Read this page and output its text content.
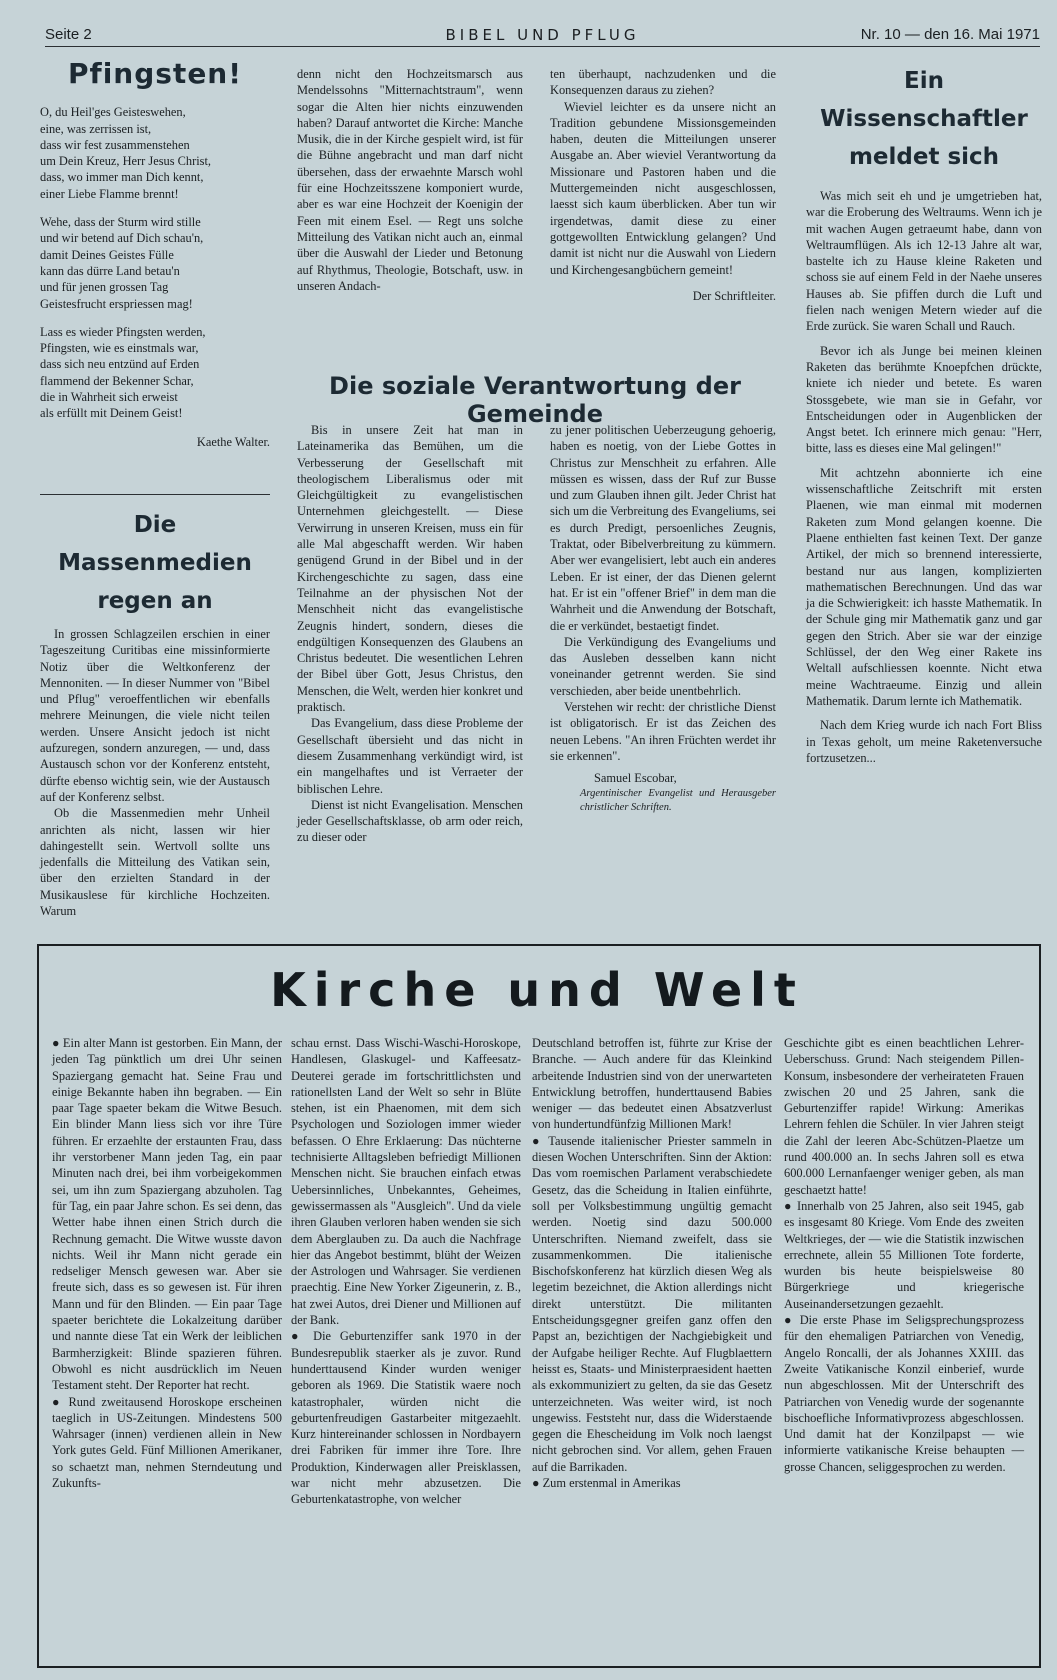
Seite 2	BIBEL UND PFLUG	Nr. 10 — den 16. Mai 1971
Pfingsten!

O, du Heil'ges Geisteswehen,

eine, was zerrissen ist,

dass wir fest zusammenstehen

um Dein Kreuz, Herr Jesus Christ,

dass, wo immer man Dich kennt,

einer Liebe Flamme brennt!

Wehe, dass der Sturm wird stille

und wir betend auf Dich schau'n,

damit Deines Geistes Fülle

kann das dürre Land betau'n

und für jenen grossen Tag

Geistesfrucht erspriessen mag!

Lass es wieder Pfingsten werden,

Pfingsten, wie es einstmals war,

dass sich neu entzünd auf Erden

flammend der Bekenner Schar,

die in Wahrheit sich erweist

als erfüllt mit Deinem Geist!

Kaethe Walter.
Die Massenmedien
regen an

In grossen Schlagzeilen erschien in einer Tageszeitung Curitibas eine missinformierte Notiz über die Weltkonferenz der Mennoniten. — In dieser Nummer von "Bibel und Pflug" veroeffentlichen wir ebenfalls mehrere Meinungen, die viele nicht teilen werden. Unsere Ansicht jedoch ist nicht aufzuregen, sondern anzuregen, — und, dass Austausch schon vor der Konferenz entsteht, dürfte ebenso wichtig sein, wie der Austausch auf der Konferenz selbst.

Ob die Massenmedien mehr Unheil anrichten als nicht, lassen wir hier dahingestellt sein. Wertvoll sollte uns jedenfalls die Mitteilung des Vatikan sein, über den erzielten Standard in der Musikauslese für kirchliche Hochzeiten. Warum

denn nicht den Hochzeitsmarsch aus Mendelssohns "Mitternachtstraum", wenn sogar die Alten hier nichts einzuwenden haben? Darauf antwortet die Kirche: Manche Musik, die in der Kirche gespielt wird, ist für die Bühne angebracht und man darf nicht übersehen, dass der erwaehnte Marsch wohl für eine Hochzeitsszene komponiert wurde, aber es war eine Hochzeit der Koenigin der Feen mit einem Esel. — Regt uns solche Mitteilung des Vatikan nicht auch an, einmal über die Auswahl der Lieder und Betonung auf Rhythmus, Theologie, Botschaft, usw. in unseren Andach-

ten überhaupt, nachzudenken und die Konsequenzen daraus zu ziehen?

Wieviel leichter es da unsere nicht an Tradition gebundene Missionsgemeinden haben, deuten die Mitteilungen unserer Ausgabe an. Aber wieviel Verantwortung da Missionare und Pastoren haben und die Muttergemeinden nicht ausgeschlossen, laesst sich kaum überblicken. Aber tun wir irgendetwas, damit diese zu einer gottgewollten Entwicklung gelangen? Und damit ist nicht nur die Auswahl von Liedern und Kirchengesangbüchern gemeint!

Der Schriftleiter.
Die soziale Verantwortung der Gemeinde

Bis in unsere Zeit hat man in Lateinamerika das Bemühen, um die Verbesserung der Gesellschaft mit theologischem Liberalismus oder mit Gleichgültigkeit zu evangelistischen Unternehmen gleichgestellt. — Diese Verwirrung in unseren Kreisen, muss ein für alle Mal abgeschafft werden. Wir haben genügend Grund in der Bibel und in der Kirchengeschichte zu sagen, dass eine Teilnahme an der physischen Not der Menschheit nicht das evangelistische Zeugnis hindert, sondern, dieses die endgültigen Konsequenzen des Glaubens an Christus bedeutet. Die wesentlichen Lehren der Bibel über Gott, Jesus Christus, den Menschen, die Welt, werden hier konkret und praktisch.

Das Evangelium, dass diese Probleme der Gesellschaft übersieht und das nicht in diesem Zusammenhang verkündigt wird, ist ein mangelhaftes und ist Verraeter der biblischen Lehre.

Dienst ist nicht Evangelisation. Menschen jeder Gesellschaftsklasse, ob arm oder reich, zu dieser oder

zu jener politischen Ueberzeugung gehoerig, haben es noetig, von der Liebe Gottes in Christus zur Menschheit zu erfahren. Alle müssen es wissen, dass der Ruf zur Busse und zum Glauben ihnen gilt. Jeder Christ hat sich um die Verbreitung des Evangeliums, sei es durch Predigt, persoenliches Zeugnis, Traktat, oder Bibelverbreitung zu kümmern. Aber wer evangelisiert, lebt auch ein anderes Leben. Er ist einer, der das Dienen gelernt hat. Er ist ein "offener Brief" in dem man die Wahrheit und die Anwendung der Botschaft, die er verkündet, bestaetigt findet.

Die Verkündigung des Evangeliums und das Ausleben desselben kann nicht voneinander getrennt werden. Sie sind verschieden, aber beide unentbehrlich.

Verstehen wir recht: der christliche Dienst ist obligatorisch. Er ist das Zeichen des neuen Lebens. "An ihren Früchten werdet ihr sie erkennen".

Samuel Escobar,

Argentinischer Evangelist und Herausgeber christlicher Schriften.

Ein Wissenschaftler
meldet sich

Was mich seit eh und je umgetrieben hat, war die Eroberung des Weltraums. Wenn ich je mit wachen Augen getraeumt habe, dann von Weltraumflügen. Als ich 12-13 Jahre alt war, bastelte ich zu Hause kleine Raketen und schoss sie auf einem Feld in der Naehe unseres Hauses ab. Sie pfiffen durch die Luft und fielen nach wenigen Metern wieder auf die Erde zurück. Sie waren Schall und Rauch.

Bevor ich als Junge bei meinen kleinen Raketen das berühmte Knoepfchen drückte, kniete ich nieder und betete. Es waren Stossgebete, wie man sie in Gefahr, vor Entscheidungen oder in Augenblicken der Angst betet. Ich erinnere mich genau: "Herr, bitte, lass es dieses eine Mal gelingen!"

Mit achtzehn abonnierte ich eine wissenschaftliche Zeitschrift mit ersten Plaenen, wie man einmal mit modernen Raketen zum Mond gelangen koenne. Die Plaene enthielten fast keinen Text. Der ganze Artikel, der mich so brennend interessierte, bestand nur aus langen, komplizierten mathematischen Berechnungen. Und das war ja die Schwierigkeit: ich hasste Mathematik. In der Schule ging mir Mathematik ganz und gar gegen den Strich. Aber sie war der einzige Schlüssel, der den Weg einer Rakete ins Weltall aufschliessen koennte. Nicht etwa meine Wachtraeume. Einzig und allein Mathematik. Darum lernte ich Mathematik.

Nach dem Krieg wurde ich nach Fort Bliss in Texas geholt, um meine Raketenversuche fortzusetzen...

Kirche und Welt

● Ein alter Mann ist gestorben. Ein Mann, der jeden Tag pünktlich um drei Uhr seinen Spaziergang gemacht hat. Seine Frau und einige Bekannte haben ihn begraben. — Ein paar Tage spaeter bekam die Witwe Besuch. Ein blinder Mann liess sich vor ihre Türe führen. Er erzaehlte der erstaunten Frau, dass ihr verstorbener Mann jeden Tag, ein paar Minuten nach drei, bei ihm vorbeigekommen sei, um ihn zum Spaziergang abzuholen. Tag für Tag, ein paar Jahre schon. Es sei denn, das Wetter habe ihnen einen Strich durch die Rechnung gemacht. Die Witwe wusste davon nichts. Weil ihr Mann nicht gerade ein redseliger Mensch gewesen war. Aber sie freute sich, dass es so gewesen ist. Für ihren Mann und für den Blinden. — Ein paar Tage spaeter berichtete die Lokalzeitung darüber und nannte diese Tat ein Werk der leiblichen Barmherzigkeit: Blinde spazieren führen. Obwohl es nicht ausdrücklich im Neuen Testament steht. Der Reporter hat recht.

● Rund zweitausend Horoskope erscheinen taeglich in US-Zeitungen. Mindestens 500 Wahrsager (innen) verdienen allein in New York gutes Geld. Fünf Millionen Amerikaner, so schaetzt man, nehmen Sterndeutung und Zukunfts-

schau ernst. Dass Wischi-Waschi-Horoskope, Handlesen, Glaskugel- und Kaffeesatz-Deuterei gerade im fortschrittlichsten und rationellsten Land der Welt so sehr in Blüte stehen, ist ein Phaenomen, mit dem sich Psychologen und Soziologen immer wieder befassen. O Ehre Erklaerung: Das nüchterne technisierte Alltagsleben befriedigt Millionen Menschen nicht. Sie brauchen einfach etwas Uebersinnliches, Unbekanntes, Geheimes, gewissermassen als "Ausgleich". Und da viele ihren Glauben verloren haben wenden sie sich dem Aberglauben zu. Da auch die Nachfrage hier das Angebot bestimmt, blüht der Weizen der Astrologen und Wahrsager. Sie verdienen praechtig. Eine New Yorker Zigeunerin, z. B., hat zwei Autos, drei Diener und Millionen auf der Bank.

● Die Geburtenziffer sank 1970 in der Bundesrepublik staerker als je zuvor. Rund hunderttausend Kinder wurden weniger geboren als 1969. Die Statistik waere noch katastrophaler, würden nicht die geburtenfreudigen Gastarbeiter mitgezaehlt. Kurz hintereinander schlossen in Nordbayern drei Fabriken für immer ihre Tore. Ihre Produktion, Kinderwagen aller Preisklassen, war nicht mehr abzusetzen. Die Geburtenkatastrophe, von welcher

Deutschland betroffen ist, führte zur Krise der Branche. — Auch andere für das Kleinkind arbeitende Industrien sind von der unerwarteten Entwicklung betroffen, hunderttausend Babies weniger — das bedeutet einen Absatzverlust von hundertundfünfzig Millionen Mark!

● Tausende italienischer Priester sammeln in diesen Wochen Unterschriften. Sinn der Aktion: Das vom roemischen Parlament verabschiedete Gesetz, das die Scheidung in Italien einführte, soll per Volksbestimmung ungültig gemacht werden. Noetig sind dazu 500.000 Unterschriften. Niemand zweifelt, dass sie zusammenkommen. Die italienische Bischofskonferenz hat kürzlich diesen Weg als legetim bezeichnet, die Aktion allerdings nicht direkt unterstützt. Die militanten Entscheidungsgegner greifen ganz offen den Papst an, bezichtigen der Nachgiebigkeit und der Aufgabe heiliger Rechte. Auf Flugblaettern heisst es, Staats- und Ministerpraesident haetten als exkommuniziert zu gelten, da sie das Gesetz unterzeichneten. Was weiter wird, ist noch ungewiss. Feststeht nur, dass die Widerstaende gegen die Ehescheidung im Volk noch laengst nicht gebrochen sind. Vor allem, gehen Frauen auf die Barrikaden.

● Zum erstenmal in Amerikas

Geschichte gibt es einen beachtlichen Lehrer-Ueberschuss. Grund: Nach steigendem Pillen-Konsum, insbesondere der verheirateten Frauen zwischen 20 und 25 Jahren, sank die Geburtenziffer rapide! Wirkung: Amerikas Lehrern fehlen die Schüler. In vier Jahren steigt die Zahl der leeren Abc-Schützen-Plaetze um rund 400.000 an. In sechs Jahren soll es etwa 600.000 Lernanfaenger weniger geben, als man geschaetzt hatte!

● Innerhalb von 25 Jahren, also seit 1945, gab es insgesamt 80 Kriege. Vom Ende des zweiten Weltkrieges, der — wie die Statistik inzwischen errechnete, allein 55 Millionen Tote forderte, wurden bis heute beispielsweise 80 Bürgerkriege und kriegerische Auseinandersetzungen gezaehlt.

● Die erste Phase im Seligsprechungsprozess für den ehemaligen Patriarchen von Venedig, Angelo Roncalli, der als Johannes XXIII. das Zweite Vatikanische Konzil einberief, wurde nun abgeschlossen. Mit der Unterschrift des Patriarchen von Venedig wurde der sogenannte bischoefliche Informativprozess abgeschlossen. Und damit hat der Konzilpapst — wie informierte vatikanische Kreise behaupten — grosse Chancen, seliggesprochen zu werden.
